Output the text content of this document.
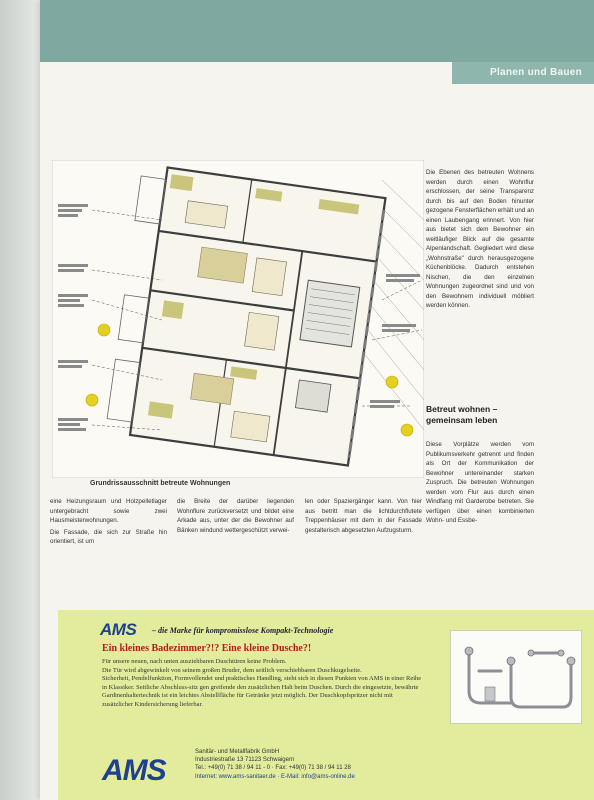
Planen und Bauen
Grundrissausschnitt betreute Wohnungen

eine Heizungsraum und Holzpelletlager untergebracht sowie zwei Hausmeisterwohnungen.

Die Fassade, die sich zur Straße hin orientiert, ist um

die Breite der darüber liegenden Wohnflure zurückversetzt und bildet eine Arkade aus, unter der die Bewohner auf Bänken windund wettergeschützt verwei-

len oder Spaziergänger kann. Von hier aus betritt man die lichtdurchflutete Treppenhäuser mit dem in der Fassade gestalterisch abgesetzten Aufzugsturm.

Die Ebenen des betreuten Wohnens werden durch einen Wohnflur erschlossen, der seine Transparenz durch bis auf den Boden hinunter gezogene Fensterflächen erhält und an einen Laubengang erinnert. Von hier aus bietet sich dem Bewohner ein weitläufiger Blick auf die gesamte Alpenlandschaft. Gegliedert wird diese „Wohnstraße" durch herausgezogene Küchenblöcke. Dadurch entstehen Nischen, die den einzelnen Wohnungen zugeordnet sind und von den Bewohnern individuell möbliert werden können.

Betreut wohnen – gemeinsam leben

Diese Vorplätze werden vom Publikumsverkehr getrennt und finden als Ort der Kommunikation der Bewohner untereinander starken Zuspruch. Die betreuten Wohnungen werden vom Flur aus durch einen Windfang mit Garderobe betreten. Sie verfügen über einen kombinierten Wohn- und Essbe-

AMS – die Marke für kompromisslose Kompakt-Technologie
Ein kleines Badezimmer?!? Eine kleine Dusche?!

Für unsere neuen, nach unten ausziehbaren Duschtüren keine Problem.

Die Tür wird abgewinkelt von seinem großen Bruder, dem seitlich verschiebbaren Duschkugelseite.

Sicherheit, Pendelfunktion, Formvollendet und praktisches Handling, steht sich in diesen Punkten von AMS in einer Reihe in Klassiker. Seitliche Abschluss-sitz gen greifende den zusätzlichen Halt beim Duschen. Durch die eingesetzte, bewährte Gardinenhaltertechnik ist ein leichtes Abstellfläche für Getränke jetzt möglich. Der Duschkopfspritzer nicht mit zusätzlicher Kindersicherung lieferbar.

AMS

Sanitär- und Metallfabrik GmbH

Industriestraße 13 71123 Schwaigern

Tel.: +49(0) 71 38 / 94 11 - 0 · Fax: +49(0) 71 38 / 94 11 28

Internet: www.ams-sanitaer.de · E-Mail: info@ams-online.de
